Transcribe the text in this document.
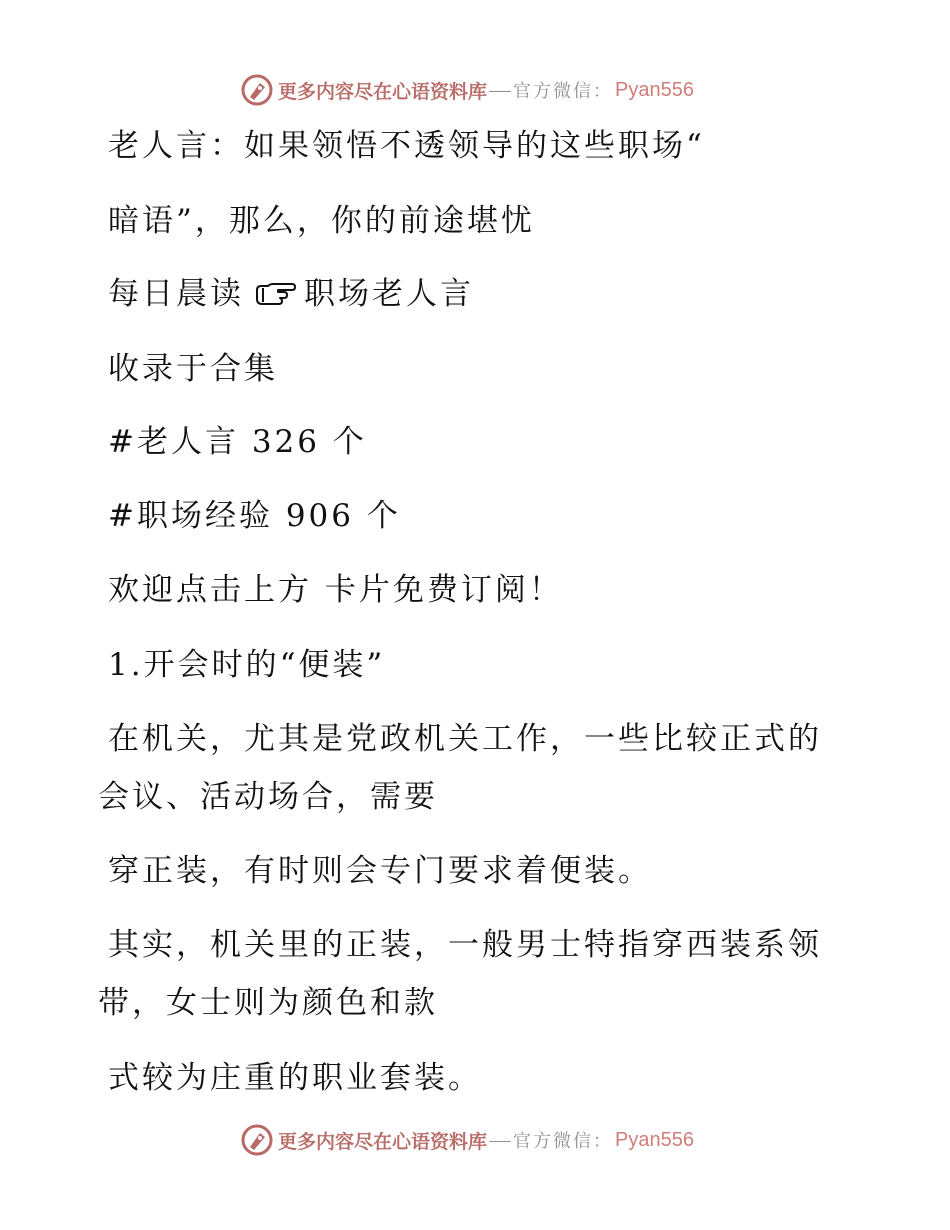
更多内容尽在心语资料库 官方微信： Pyan556
老人言：如果领悟不透领导的这些职场“
暗语”，那么，你的前途堪忧
每日晨读 职场老人言
收录于合集
#老人言 326 个
#职场经验 906 个
欢迎点击上方 卡片免费订阅！
1.开会时的“便装”
在机关，尤其是党政机关工作，一些比较正式的
会议、活动场合，需要
穿正装，有时则会专门要求着便装。
其实，机关里的正装，一般男士特指穿西装系领
带，女士则为颜色和款
式较为庄重的职业套装。
更多内容尽在心语资料库 官方微信： Pyan556
